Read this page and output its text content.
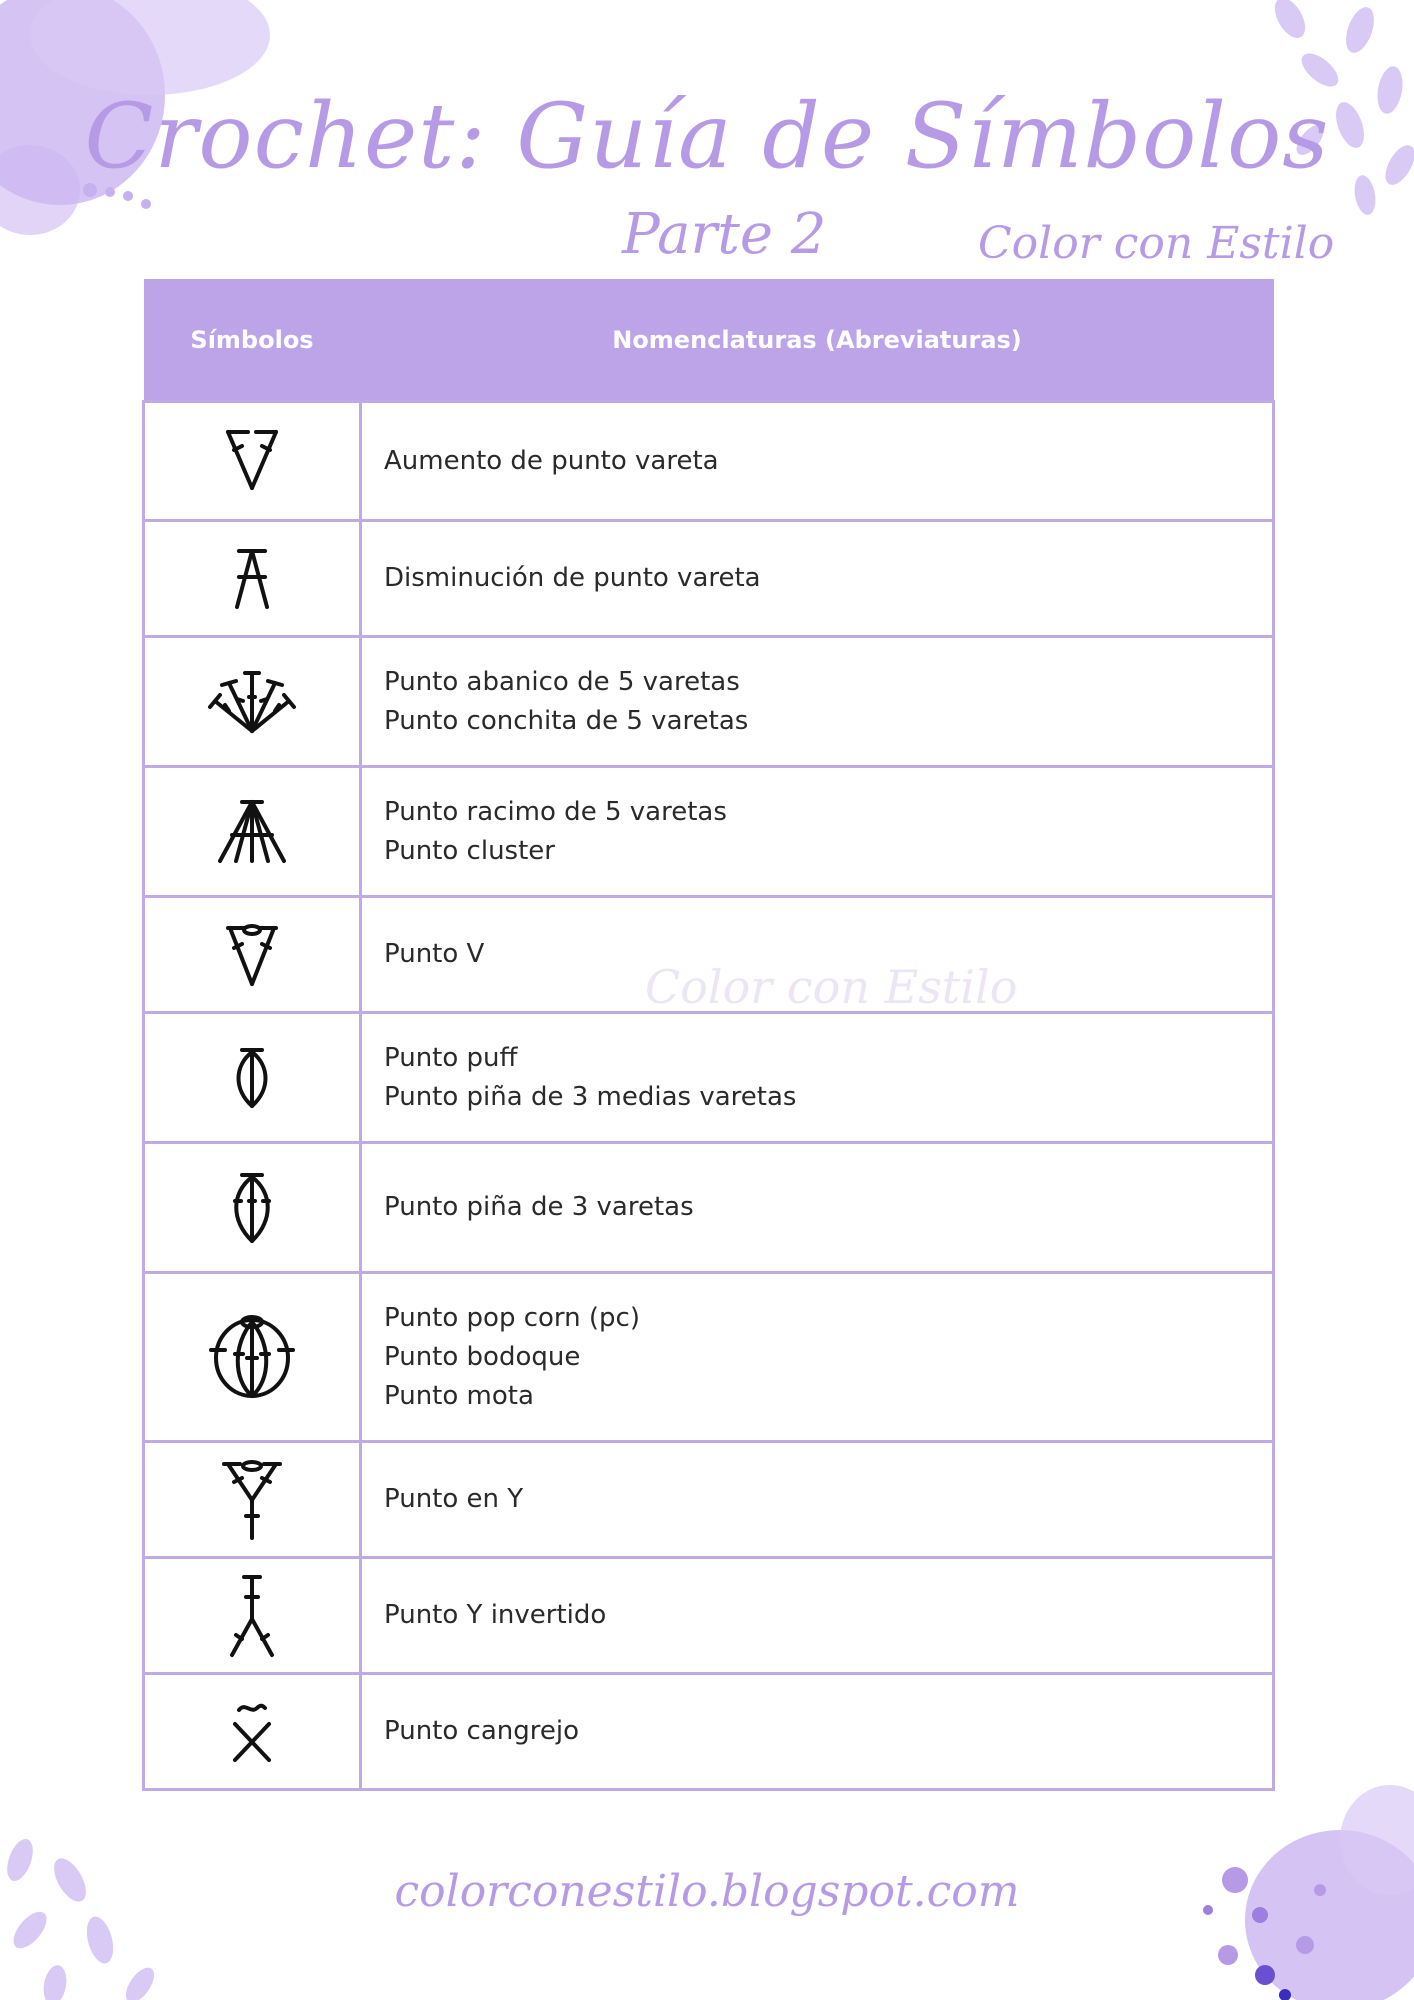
Crochet: Guía de Símbolos
Parte 2	Color con Estilo
Símbolos	Nomenclaturas (Abreviaturas)

Aumento de punto vareta

Disminución de punto vareta

Punto abanico de 5 varetas
Punto conchita de 5 varetas

Punto racimo de 5 varetas
Punto cluster

Punto V

Punto puff
Punto piña de 3 medias varetas

Punto piña de 3 varetas

Punto pop corn (pc)
Punto bodoque
Punto mota

Punto en Y

Punto Y invertido

Punto cangrejo
Color con Estilo
colorconestilo.blogspot.com
